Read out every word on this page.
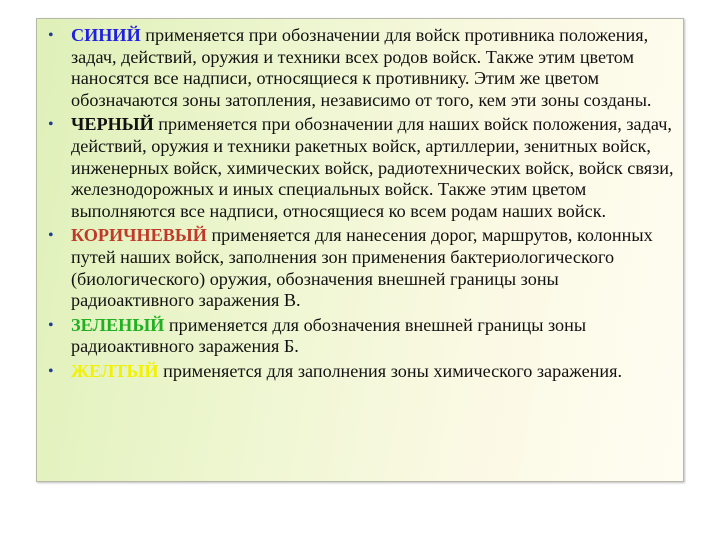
• СИНИЙ применяется при обозначении для войск противника положения, задач, действий, оружия и техники всех родов войск. Также этим цветом наносятся все надписи, относящиеся к противнику. Этим же цветом обозначаются зоны затопления, независимо от того, кем эти зоны созданы.
• ЧЕРНЫЙ применяется при обозначении для наших войск положения, задач, действий, оружия и техники ракетных войск, артиллерии, зенитных войск, инженерных войск, химических войск, радиотехнических войск, войск связи, железнодорожных и иных специальных войск. Также этим цветом выполняются все надписи, относящиеся ко всем родам наших войск.
• КОРИЧНЕВЫЙ применяется для нанесения дорог, маршрутов, колонных путей наших войск, заполнения зон применения бактериологического (биологического) оружия, обозначения внешней границы зоны радиоактивного заражения В.
• ЗЕЛЕНЫЙ применяется для обозначения внешней границы зоны радиоактивного заражения Б.
• ЖЕЛТЫЙ применяется для заполнения зоны химического заражения.
